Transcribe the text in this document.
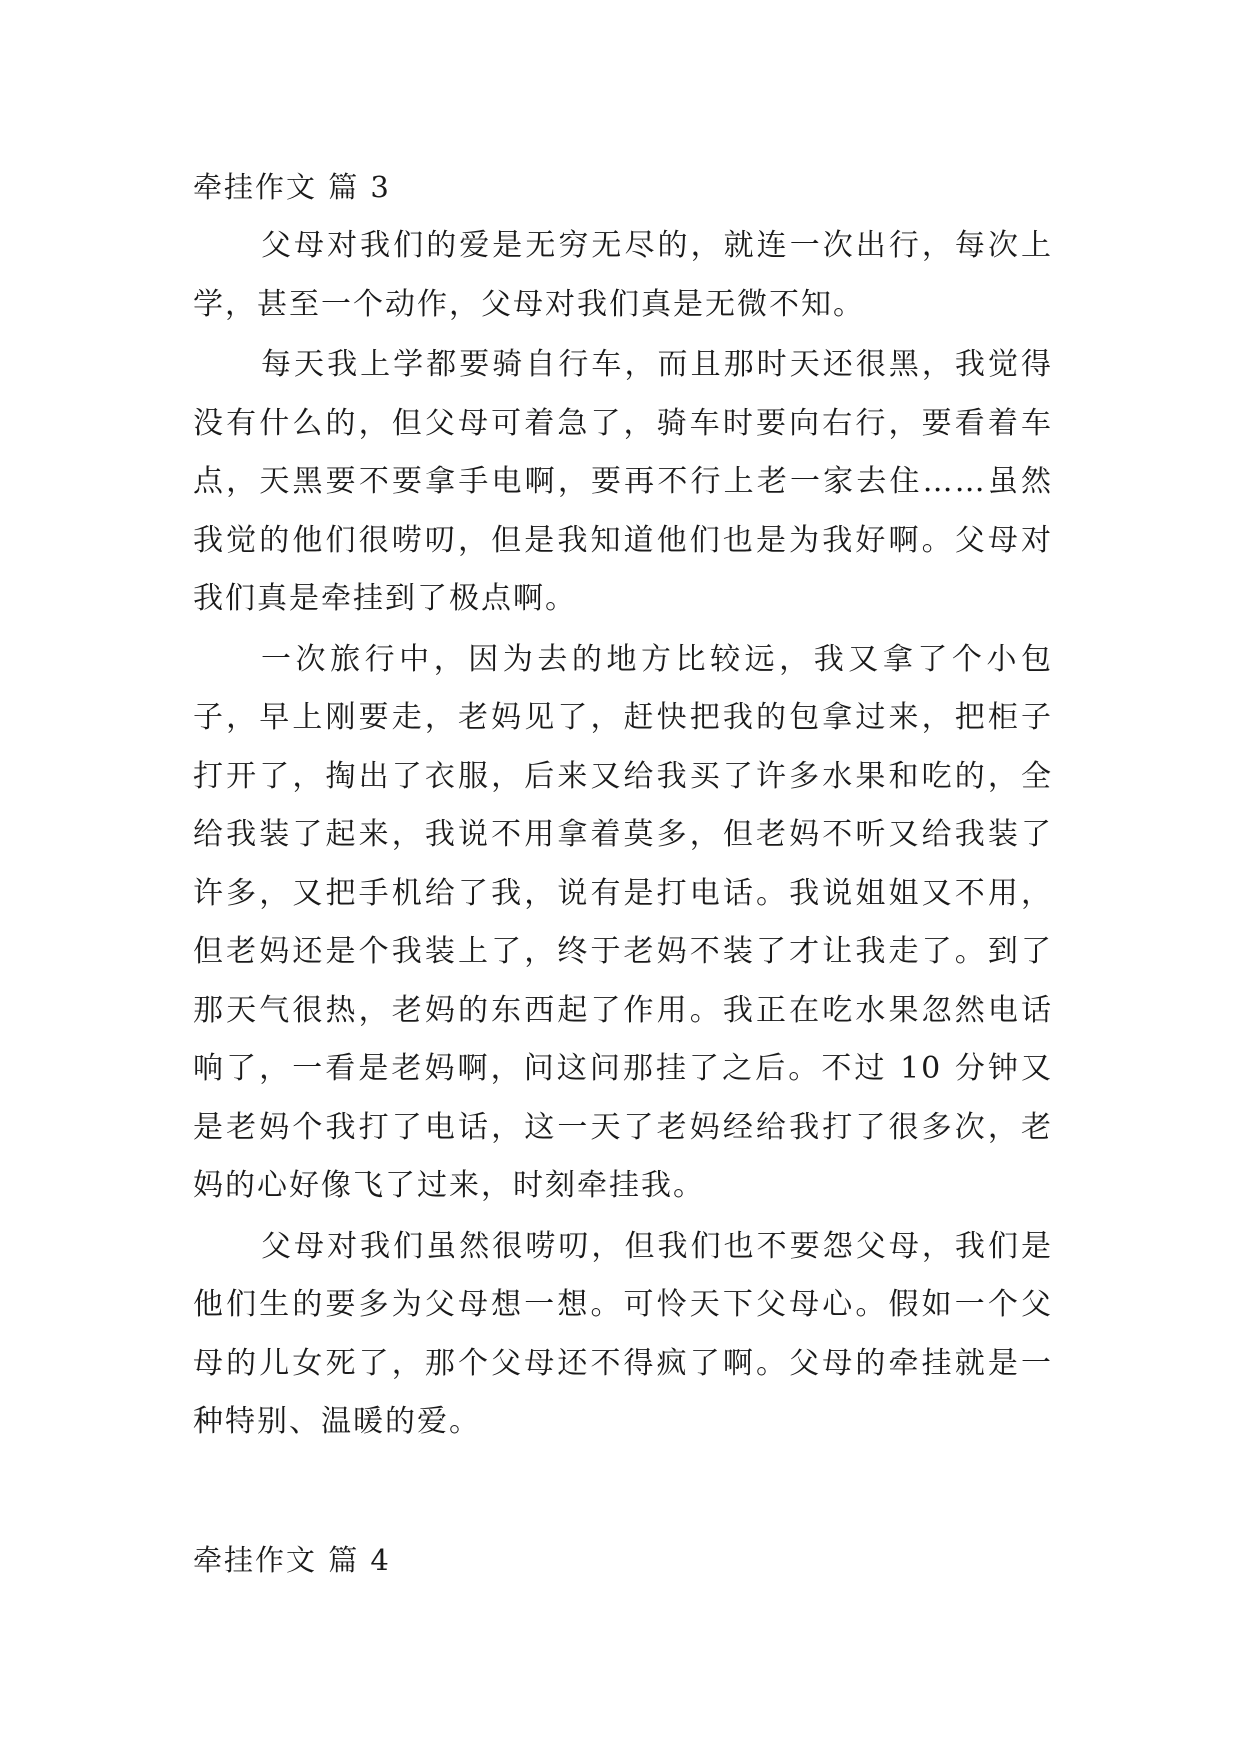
牵挂作文 篇 3

父母对我们的爱是无穷无尽的，就连一次出行，每次上学，甚至一个动作，父母对我们真是无微不知。

每天我上学都要骑自行车，而且那时天还很黑，我觉得没有什么的，但父母可着急了，骑车时要向右行，要看着车点，天黑要不要拿手电啊，要再不行上老一家去住……虽然我觉的他们很唠叨，但是我知道他们也是为我好啊。父母对我们真是牵挂到了极点啊。

一次旅行中，因为去的地方比较远，我又拿了个小包子，早上刚要走，老妈见了，赶快把我的包拿过来，把柜子打开了，掏出了衣服，后来又给我买了许多水果和吃的，全给我装了起来，我说不用拿着莫多，但老妈不听又给我装了许多，又把手机给了我，说有是打电话。我说姐姐又不用，但老妈还是个我装上了，终于老妈不装了才让我走了。到了那天气很热，老妈的东西起了作用。我正在吃水果忽然电话响了，一看是老妈啊，问这问那挂了之后。不过 10 分钟又是老妈个我打了电话，这一天了老妈经给我打了很多次，老妈的心好像飞了过来，时刻牵挂我。

父母对我们虽然很唠叨，但我们也不要怨父母，我们是他们生的要多为父母想一想。可怜天下父母心。假如一个父母的儿女死了，那个父母还不得疯了啊。父母的牵挂就是一种特别、温暖的爱。

牵挂作文 篇 4
